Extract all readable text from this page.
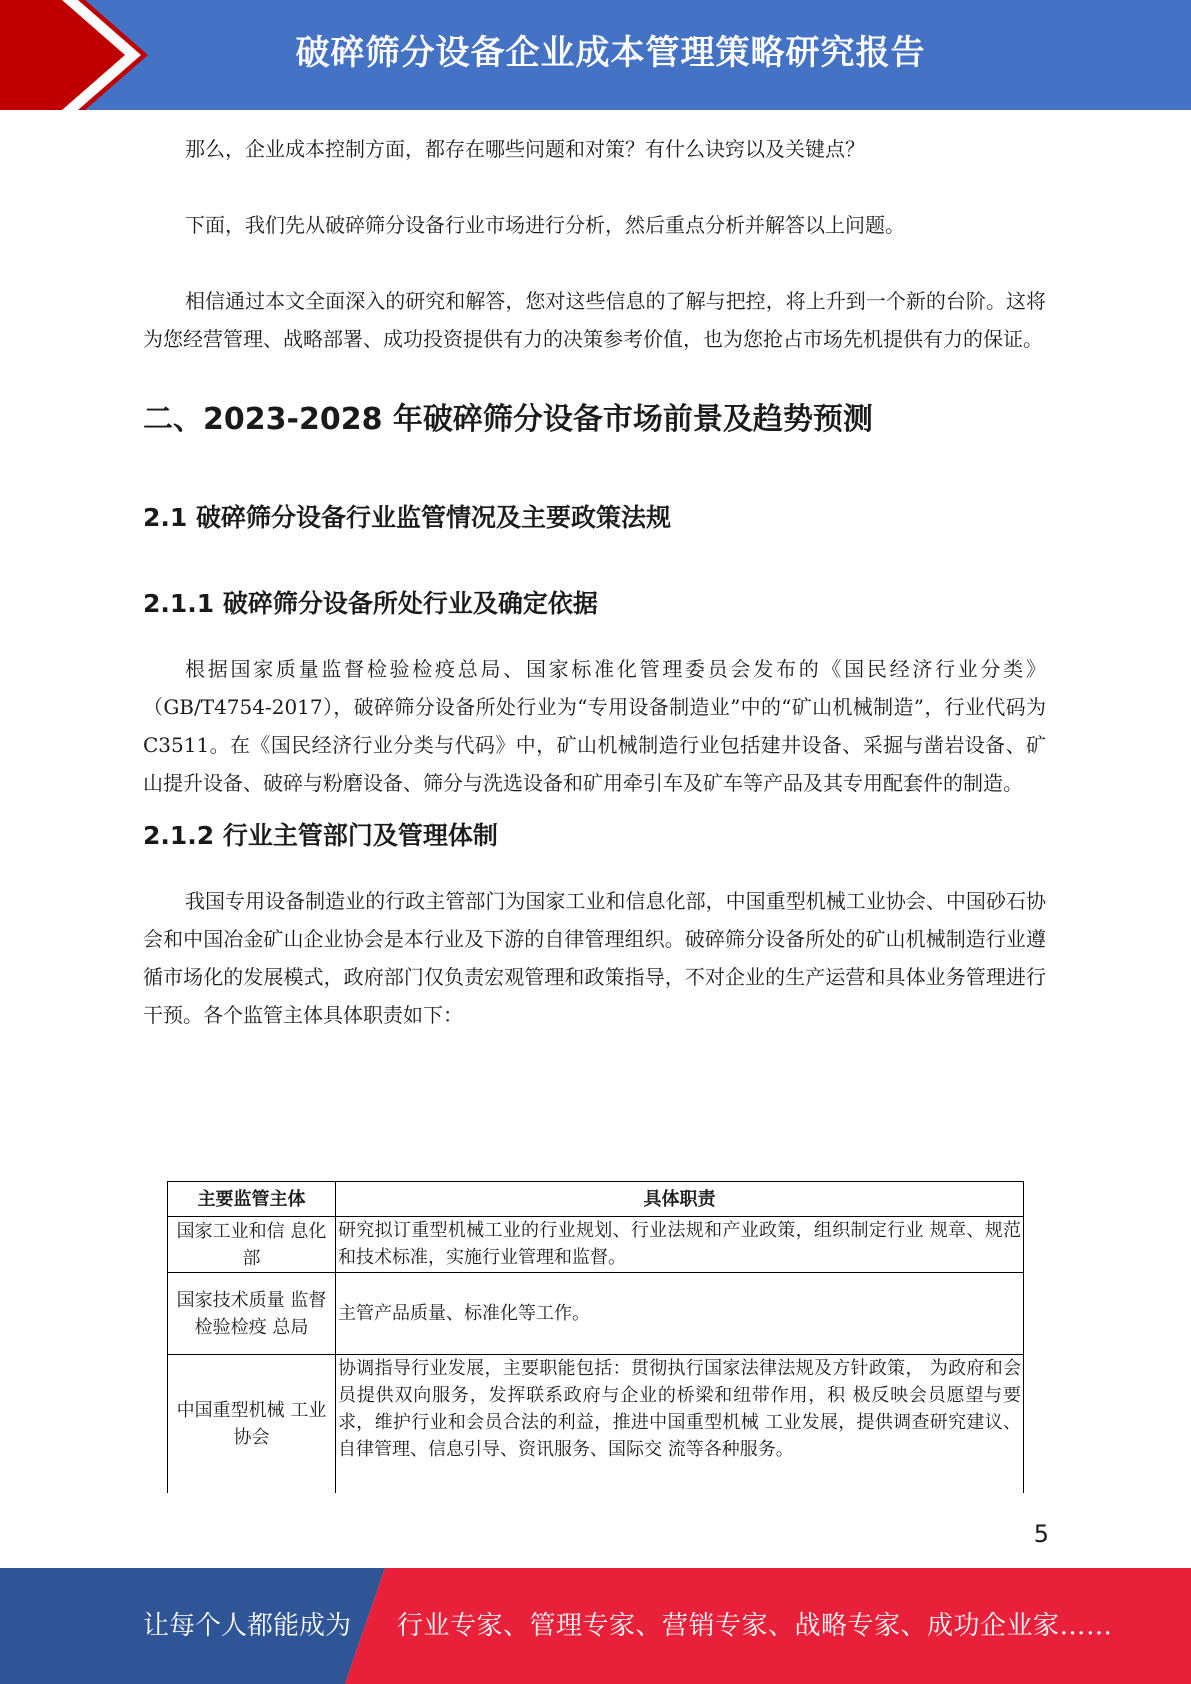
破碎筛分设备企业成本管理策略研究报告

那么，企业成本控制方面，都存在哪些问题和对策？有什么诀窍以及关键点？

下面，我们先从破碎筛分设备行业市场进行分析，然后重点分析并解答以上问题。

相信通过本文全面深入的研究和解答，您对这些信息的了解与把控，将上升到一个新的台阶。这将为您经营管理、战略部署、成功投资提供有力的决策参考价值，也为您抢占市场先机提供有力的保证。

二、2023-2028 年破碎筛分设备市场前景及趋势预测
2.1 破碎筛分设备行业监管情况及主要政策法规
2.1.1 破碎筛分设备所处行业及确定依据

根据国家质量监督检验检疫总局、国家标准化管理委员会发布的《国民经济行业分类》（GB/T4754-2017），破碎筛分设备所处行业为“专用设备制造业”中的“矿山机械制造”，行业代码为 C3511。在《国民经济行业分类与代码》中，矿山机械制造行业包括建井设备、采掘与凿岩设备、矿山提升设备、破碎与粉磨设备、筛分与洗选设备和矿用牵引车及矿车等产品及其专用配套件的制造。

2.1.2 行业主管部门及管理体制

我国专用设备制造业的行政主管部门为国家工业和信息化部，中国重型机械工业协会、中国砂石协会和中国冶金矿山企业协会是本行业及下游的自律管理组织。破碎筛分设备所处的矿山机械制造行业遵循市场化的发展模式，政府部门仅负责宏观管理和政策指导，不对企业的生产运营和具体业务管理进行干预。各个监管主体具体职责如下：

主要监管主体	具体职责
国家工业和信 息化部	研究拟订重型机械工业的行业规划、行业法规和产业政策，组织制定行业 规章、规范和技术标准，实施行业管理和监督。
国家技术质量 监督检验检疫 总局	主管产品质量、标准化等工作。
中国重型机械 工业协会	协调指导行业发展，主要职能包括：贯彻执行国家法律法规及方针政策， 为政府和会员提供双向服务，发挥联系政府与企业的桥梁和纽带作用，积 极反映会员愿望与要求，维护行业和会员合法的利益，推进中国重型机械 工业发展，提供调查研究建议、自律管理、信息引导、资讯服务、国际交 流等各种服务。
5
让每个人都能成为 行业专家、管理专家、营销专家、战略专家、成功企业家……
